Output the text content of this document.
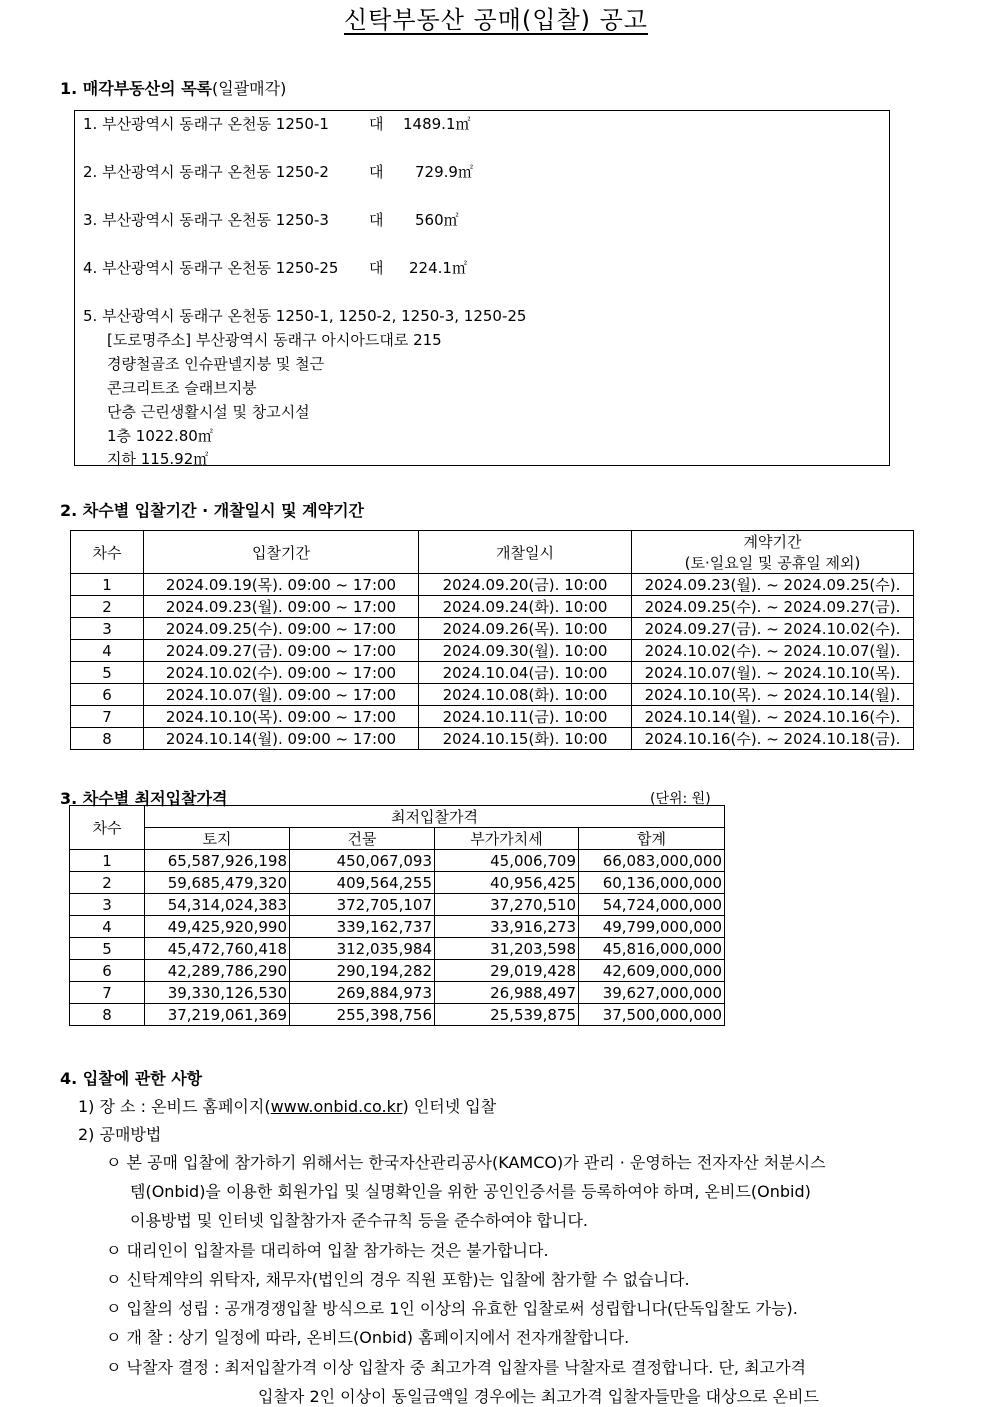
신탁부동산 공매(입찰) 공고
1. 매각부동산의 목록(일괄매각)
1. 부산광역시 동래구 온천동 1250-1	대 1489.1㎡
2. 부산광역시 동래구 온천동 1250-2	대 729.9㎡
3. 부산광역시 동래구 온천동 1250-3	대 560㎡
4. 부산광역시 동래구 온천동 1250-25 대 224.1㎡
5. 부산광역시 동래구 온천동 1250-1, 1250-2, 1250-3, 1250-25
[도로명주소] 부산광역시 동래구 아시아드대로 215
경량철골조 인슈판넬지붕 및 철근
콘크리트조 슬래브지붕
단층 근린생활시설 및 창고시설
1층 1022.80㎡
지하 115.92㎡
2. 차수별 입찰기간 · 개찰일시 및 계약기간
차수	입찰기간	개찰일시	계약기간
(토·일요일 및 공휴일 제외)

1	2024.09.19(목). 09:00 ~ 17:00	2024.09.20(금). 10:00	2024.09.23(월). ~ 2024.09.25(수).
2	2024.09.23(월). 09:00 ~ 17:00	2024.09.24(화). 10:00	2024.09.25(수). ~ 2024.09.27(금).
3	2024.09.25(수). 09:00 ~ 17:00	2024.09.26(목). 10:00	2024.09.27(금). ~ 2024.10.02(수).
4	2024.09.27(금). 09:00 ~ 17:00	2024.09.30(월). 10:00	2024.10.02(수). ~ 2024.10.07(월).
5	2024.10.02(수). 09:00 ~ 17:00	2024.10.04(금). 10:00	2024.10.07(월). ~ 2024.10.10(목).
6	2024.10.07(월). 09:00 ~ 17:00	2024.10.08(화). 10:00	2024.10.10(목). ~ 2024.10.14(월).
7	2024.10.10(목). 09:00 ~ 17:00	2024.10.11(금). 10:00	2024.10.14(월). ~ 2024.10.16(수).
8	2024.10.14(월). 09:00 ~ 17:00	2024.10.15(화). 10:00	2024.10.16(수). ~ 2024.10.18(금).
3. 차수별 최저입찰가격	(단위: 원)
차수	최저입찰가격			
	토지	건물	부가가치세	합계
1	65,587,926,198	450,067,093	45,006,709	66,083,000,000
2	59,685,479,320	409,564,255	40,956,425	60,136,000,000
3	54,314,024,383	372,705,107	37,270,510	54,724,000,000
4	49,425,920,990	339,162,737	33,916,273	49,799,000,000
5	45,472,760,418	312,035,984	31,203,598	45,816,000,000
6	42,289,786,290	290,194,282	29,019,428	42,609,000,000
7	39,330,126,530	269,884,973	26,988,497	39,627,000,000
8	37,219,061,369	255,398,756	25,539,875	37,500,000,000
4. 입찰에 관한 사항
1) 장 소 : 온비드 홈페이지(www.onbid.co.kr) 인터넷 입찰
2) 공매방법
ㅇ 본 공매 입찰에 참가하기 위해서는 한국자산관리공사(KAMCO)가 관리 · 운영하는 전자자산 처분시스
템(Onbid)을 이용한 회원가입 및 실명확인을 위한 공인인증서를 등록하여야 하며, 온비드(Onbid)
이용방법 및 인터넷 입찰참가자 준수규칙 등을 준수하여야 합니다.
ㅇ 대리인이 입찰자를 대리하여 입찰 참가하는 것은 불가합니다.
ㅇ 신탁계약의 위탁자, 채무자(법인의 경우 직원 포함)는 입찰에 참가할 수 없습니다.
ㅇ 입찰의 성립 : 공개경쟁입찰 방식으로 1인 이상의 유효한 입찰로써 성립합니다(단독입찰도 가능).
ㅇ 개 찰 : 상기 일정에 따라, 온비드(Onbid) 홈페이지에서 전자개찰합니다.
ㅇ 낙찰자 결정 : 최저입찰가격 이상 입찰자 중 최고가격 입찰자를 낙찰자로 결정합니다. 단, 최고가격
입찰자 2인 이상이 동일금액일 경우에는 최고가격 입찰자들만을 대상으로 온비드
